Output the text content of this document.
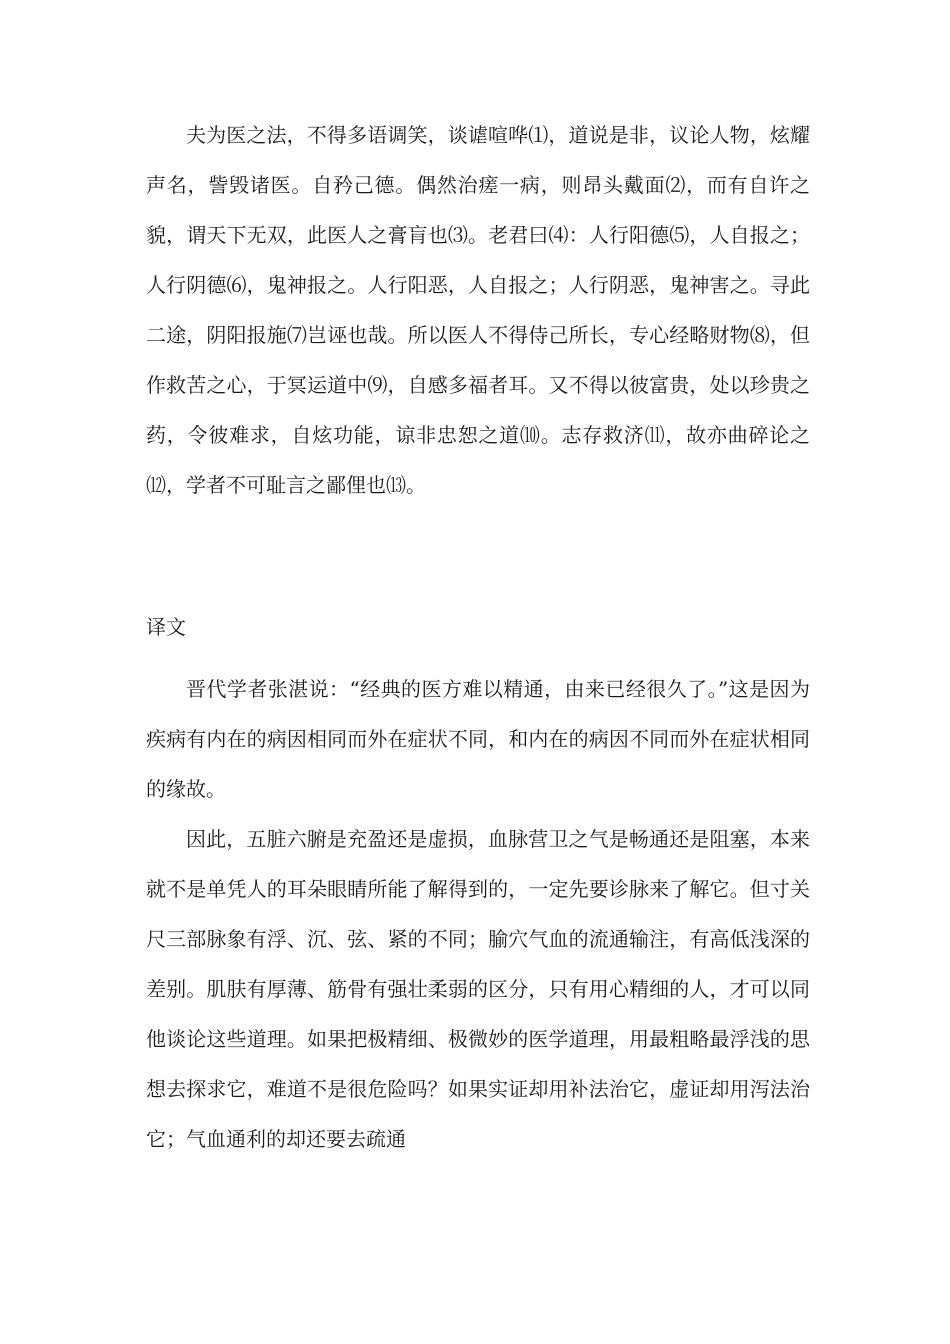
夫为医之法，不得多语调笑，谈谑喧哗⑴，道说是非，议论人物，炫耀声名，訾毁诸医。自矜己德。偶然治瘥一病，则昂头戴面⑵，而有自许之貌，谓天下无双，此医人之膏肓也⑶。老君曰⑷：人行阳德⑸，人自报之；人行阴德⑹，鬼神报之。人行阳恶，人自报之；人行阴恶，鬼神害之。寻此二途，阴阳报施⑺岂诬也哉。所以医人不得侍己所长，专心经略财物⑻，但作救苦之心，于冥运道中⑼，自感多福者耳。又不得以彼富贵，处以珍贵之药，令彼难求，自炫功能，谅非忠恕之道⑽。志存救济⑾，故亦曲碎论之⑿，学者不可耻言之鄙俚也⒀。

译文

晋代学者张湛说：“经典的医方难以精通，由来已经很久了。”这是因为疾病有内在的病因相同而外在症状不同，和内在的病因不同而外在症状相同的缘故。

因此，五脏六腑是充盈还是虚损，血脉营卫之气是畅通还是阻塞，本来就不是单凭人的耳朵眼睛所能了解得到的，一定先要诊脉来了解它。但寸关尺三部脉象有浮、沉、弦、紧的不同；腧穴气血的流通输注，有高低浅深的差别。肌肤有厚薄、筋骨有强壮柔弱的区分，只有用心精细的人，才可以同他谈论这些道理。如果把极精细、极微妙的医学道理，用最粗略最浮浅的思想去探求它，难道不是很危险吗？如果实证却用补法治它，虚证却用泻法治它；气血通利的却还要去疏通
